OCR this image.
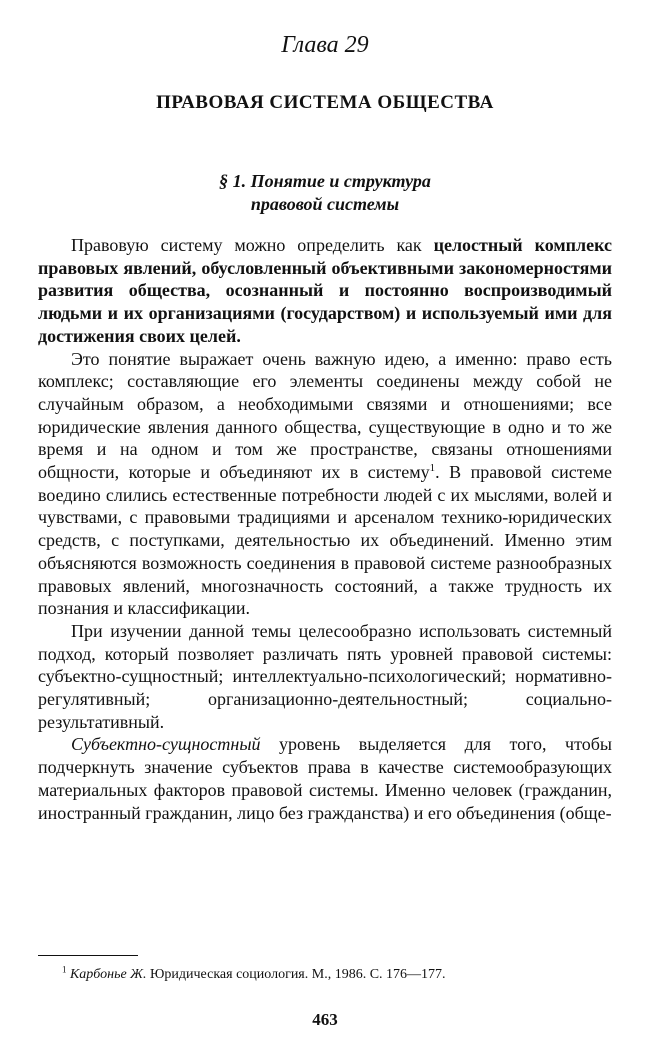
Глава 29
ПРАВОВАЯ СИСТЕМА ОБЩЕСТВА
§ 1. Понятие и структура
правовой системы

Правовую систему можно определить как целостный комплекс правовых явлений, обусловленный объективными закономерностями развития общества, осознанный и постоянно воспроизводимый людьми и их организациями (государством) и используемый ими для достижения своих целей.

Это понятие выражает очень важную идею, а именно: право есть комплекс; составляющие его элементы соединены между собой не случайным образом, а необходимыми связями и отношениями; все юридические явления данного общества, существующие в одно и то же время и на одном и том же пространстве, связаны отношениями общности, которые и объединяют их в систему$^1$. В правовой системе воедино слились естественные потребности людей с их мыслями, волей и чувствами, с правовыми традициями и арсеналом технико-юридических средств, с поступками, деятельностью их объединений. Именно этим объясняются возможность соединения в правовой системе разнообразных правовых явлений, многозначность состояний, а также трудность их познания и классификации.

При изучении данной темы целесообразно использовать системный подход, который позволяет различать пять уровней правовой системы: субъектно-сущностный; интеллектуально-психологический; нормативно-регулятивный; организационно-деятельностный; социально-результативный.

Субъектно-сущностный уровень выделяется для того, чтобы подчеркнуть значение субъектов права в качестве системообразующих материальных факторов правовой системы. Именно человек (гражданин, иностранный гражданин, лицо без гражданства) и его объединения (обще-

$^1$ Карбонье Ж. Юридическая социология. М., 1986. С. 176—177.
463
